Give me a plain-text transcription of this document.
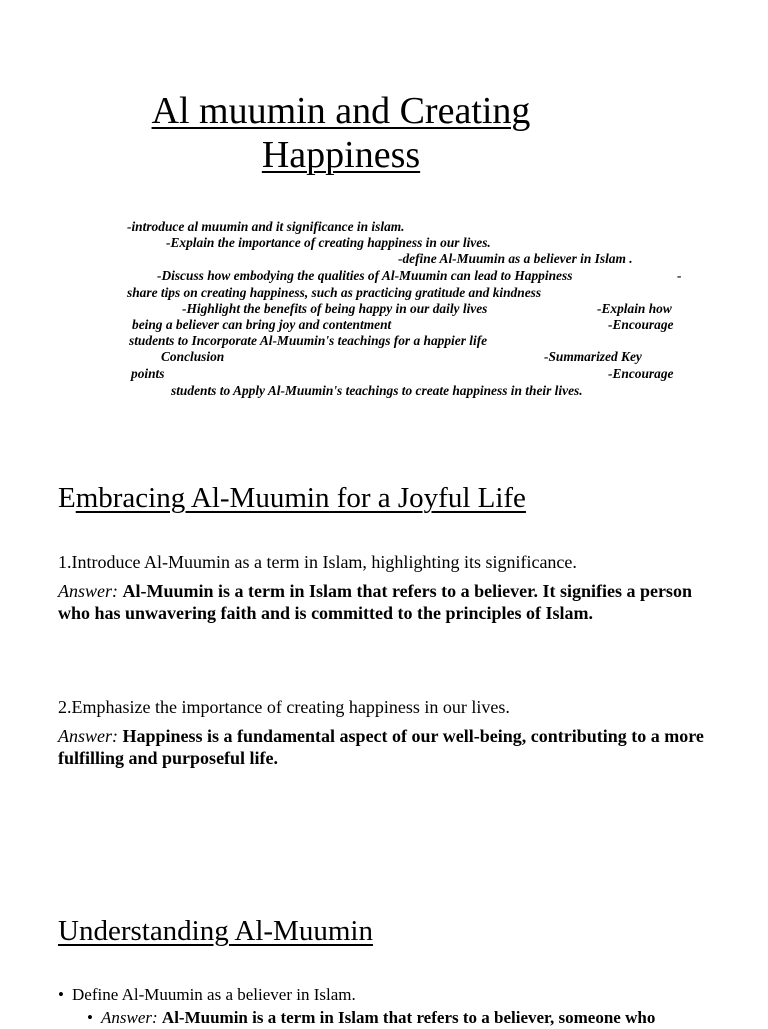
Al muumin and Creating
Happiness
-introduce al muumin and it significance in islam.
-Explain the importance of creating happiness in our lives.
-define Al-Muumin as a believer in Islam .
-Discuss how embodying the qualities of Al-Muumin can lead to Happiness	-
share tips on creating happiness, such as practicing gratitude and kindness
-Highlight the benefits of being happy in our daily lives	-Explain how
being a believer can bring joy and contentment	-Encourage
students to Incorporate Al-Muumin's teachings for a happier life
Conclusion	-Summarized Key
points	-Encourage
students to Apply Al-Muumin's teachings to create happiness in their lives.
Embracing Al-Muumin for a Joyful Life
1.Introduce Al-Muumin as a term in Islam, highlighting its significance.
Answer: Al-Muumin is a term in Islam that refers to a believer. It signifies a person who has unwavering faith and is committed to the principles of Islam.
2.Emphasize the importance of creating happiness in our lives.
Answer: Happiness is a fundamental aspect of our well-being, contributing to a more fulfilling and purposeful life.
Understanding Al-Muumin
• Define Al-Muumin as a believer in Islam.
• Answer: Al-Muumin is a term in Islam that refers to a believer, someone who
